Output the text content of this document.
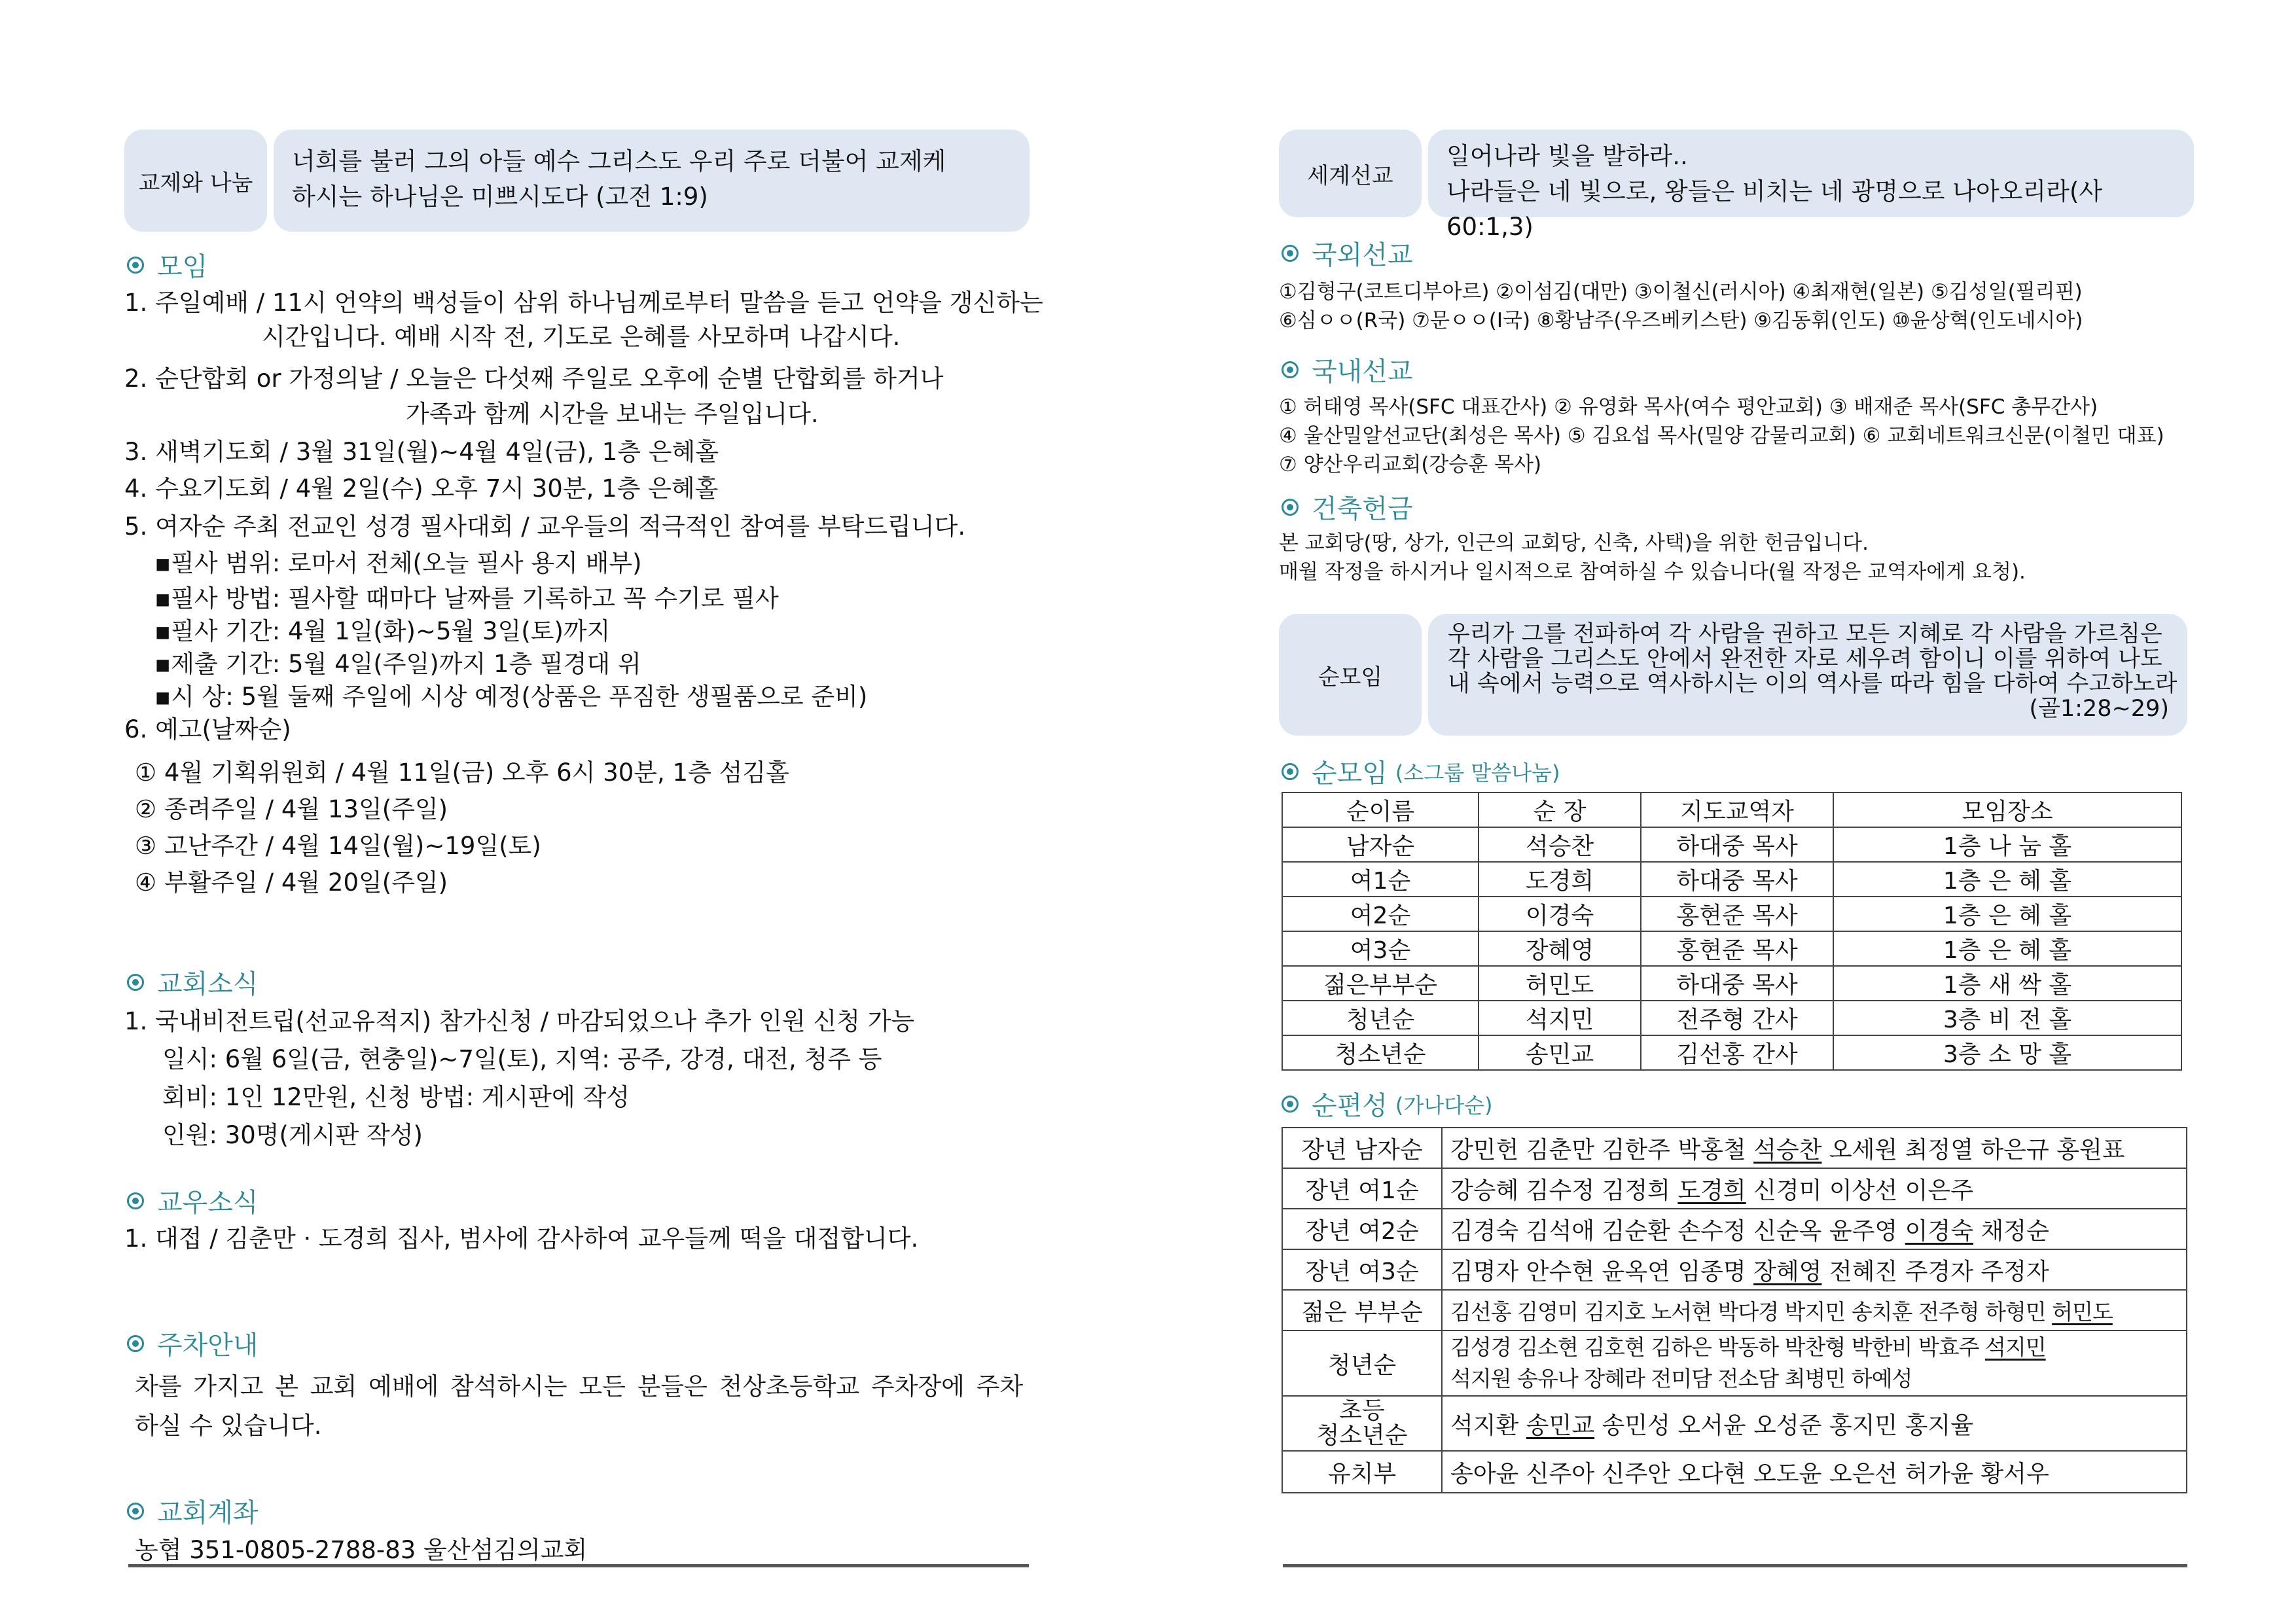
교제와 나눔
너희를 불러 그의 아들 예수 그리스도 우리 주로 더불어 교제케
하시는 하나님은 미쁘시도다 (고전 1:9)
모임
1. 주일예배 / 11시 언약의 백성들이 삼위 하나님께로부터 말씀을 듣고 언약을 갱신하는
시간입니다. 예배 시작 전, 기도로 은혜를 사모하며 나갑시다.
2. 순단합회 or 가정의날 / 오늘은 다섯째 주일로 오후에 순별 단합회를 하거나
가족과 함께 시간을 보내는 주일입니다.
3. 새벽기도회 / 3월 31일(월)~4월 4일(금), 1층 은혜홀
4. 수요기도회 / 4월 2일(수) 오후 7시 30분, 1층 은혜홀
5. 여자순 주최 전교인 성경 필사대회 / 교우들의 적극적인 참여를 부탁드립니다.
▪필사 범위: 로마서 전체(오늘 필사 용지 배부)
▪필사 방법: 필사할 때마다 날짜를 기록하고 꼭 수기로 필사
▪필사 기간: 4월 1일(화)~5월 3일(토)까지
▪제출 기간: 5월 4일(주일)까지 1층 필경대 위
▪시 상: 5월 둘째 주일에 시상 예정(상품은 푸짐한 생필품으로 준비)
6. 예고(날짜순)
① 4월 기획위원회 / 4월 11일(금) 오후 6시 30분, 1층 섬김홀
② 종려주일 / 4월 13일(주일)
③ 고난주간 / 4월 14일(월)~19일(토)
④ 부활주일 / 4월 20일(주일)
교회소식
1. 국내비전트립(선교유적지) 참가신청 / 마감되었으나 추가 인원 신청 가능
일시: 6월 6일(금, 현충일)~7일(토), 지역: 공주, 강경, 대전, 청주 등
회비: 1인 12만원, 신청 방법: 게시판에 작성
인원: 30명(게시판 작성)
교우소식
1. 대접 / 김춘만 · 도경희 집사, 범사에 감사하여 교우들께 떡을 대접합니다.
주차안내
차를 가지고 본 교회 예배에 참석하시는 모든 분들은 천상초등학교 주차장에 주차
하실 수 있습니다.
교회계좌
농협 351-0805-2788-83 울산섬김의교회
세계선교
일어나라 빛을 발하라..
나라들은 네 빛으로, 왕들은 비치는 네 광명으로 나아오리라(사60:1,3)
국외선교
①김형구(코트디부아르) ②이섬김(대만) ③이철신(러시아) ④최재현(일본) ⑤김성일(필리핀)
⑥심ㅇㅇ(R국) ⑦문ㅇㅇ(I국) ⑧황남주(우즈베키스탄) ⑨김동휘(인도) ⑩윤상혁(인도네시아)
국내선교
① 허태영 목사(SFC 대표간사) ② 유영화 목사(여수 평안교회) ③ 배재준 목사(SFC 총무간사)
④ 울산밀알선교단(최성은 목사) ⑤ 김요섭 목사(밀양 감물리교회) ⑥ 교회네트워크신문(이철민 대표)
⑦ 양산우리교회(강승훈 목사)
건축헌금
본 교회당(땅, 상가, 인근의 교회당, 신축, 사택)을 위한 헌금입니다.
매월 작정을 하시거나 일시적으로 참여하실 수 있습니다(월 작정은 교역자에게 요청).
순모임
우리가 그를 전파하여 각 사람을 권하고 모든 지혜로 각 사람을 가르침은
각 사람을 그리스도 안에서 완전한 자로 세우려 함이니 이를 위하여 나도
내 속에서 능력으로 역사하시는 이의 역사를 따라 힘을 다하여 수고하노라
(골1:28~29)
순모임 (소그룹 말씀나눔)
순이름	순 장	지도교역자	모임장소
남자순	석승찬	하대중 목사	1층 나 눔 홀
여1순	도경희	하대중 목사	1층 은 혜 홀
여2순	이경숙	홍현준 목사	1층 은 혜 홀
여3순	장혜영	홍현준 목사	1층 은 혜 홀
젊은부부순	허민도	하대중 목사	1층 새 싹 홀
청년순	석지민	전주형 간사	3층 비 전 홀
청소년순	송민교	김선홍 간사	3층 소 망 홀
순편성 (가나다순)
장년 남자순	강민헌 김춘만 김한주 박홍철 석승찬 오세원 최정열 하은규 홍원표
장년 여1순	강승혜 김수정 김정희 도경희 신경미 이상선 이은주
장년 여2순	김경숙 김석애 김순환 손수정 신순옥 윤주영 이경숙 채정순
장년 여3순	김명자 안수현 윤옥연 임종명 장혜영 전혜진 주경자 주정자
젊은 부부순	김선홍 김영미 김지호 노서현 박다경 박지민 송치훈 전주형 하형민 허민도
청년순	김성경 김소현 김호현 김하은 박동하 박찬형 박한비 박효주 석지민
석지원 송유나 장혜라 전미담 전소담 최병민 하예성

초등
청소년순	석지환 송민교 송민성 오서윤 오성준 홍지민 홍지율
유치부	송아윤 신주아 신주안 오다현 오도윤 오은선 허가윤 황서우
